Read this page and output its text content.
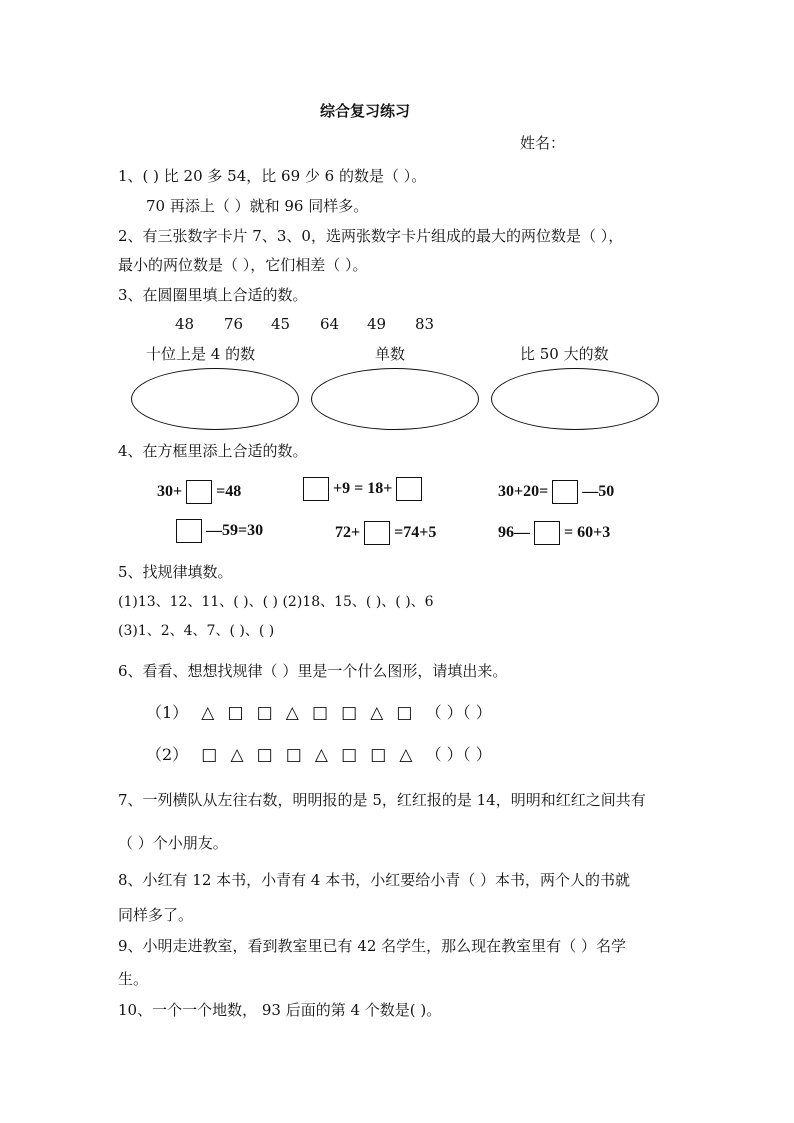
综合复习练习
姓名：
1、( ) 比 20 多 54，比 69 少 6 的数是（ ）。
70 再添上（ ）就和 96 同样多。
2、有三张数字卡片 7、3、0，选两张数字卡片组成的最大的两位数是（ ），
最小的两位数是（ ），它们相差（ ）。
3、在圆圈里填上合适的数。
48 76 45 64 49 83
十位上是 4 的数	单数	比 50 大的数
4、在方框里添上合适的数。
30+ =48	+9 = 18+	30+20= —50
—59=30	72+ =74+5	96— = 60+3
5、找规律填数。
(1)13、12、11、( )、( ) (2)18、15、( )、( )、6
(3)1、2、4、7、( )、( )
6、看看、想想找规律（ ）里是一个什么图形，请填出来。
（1） △ □ □ △ □ □ △ □ （ ）（ ）
（2） □ △ □ □ △ □ □ △ （ ）（ ）
7、一列横队从左往右数，明明报的是 5，红红报的是 14，明明和红红之间共有
（ ）个小朋友。
8、小红有 12 本书，小青有 4 本书，小红要给小青（ ）本书，两个人的书就
同样多了。
9、小明走进教室，看到教室里已有 42 名学生，那么现在教室里有（ ）名学
生。
10、一个一个地数， 93 后面的第 4 个数是( )。
